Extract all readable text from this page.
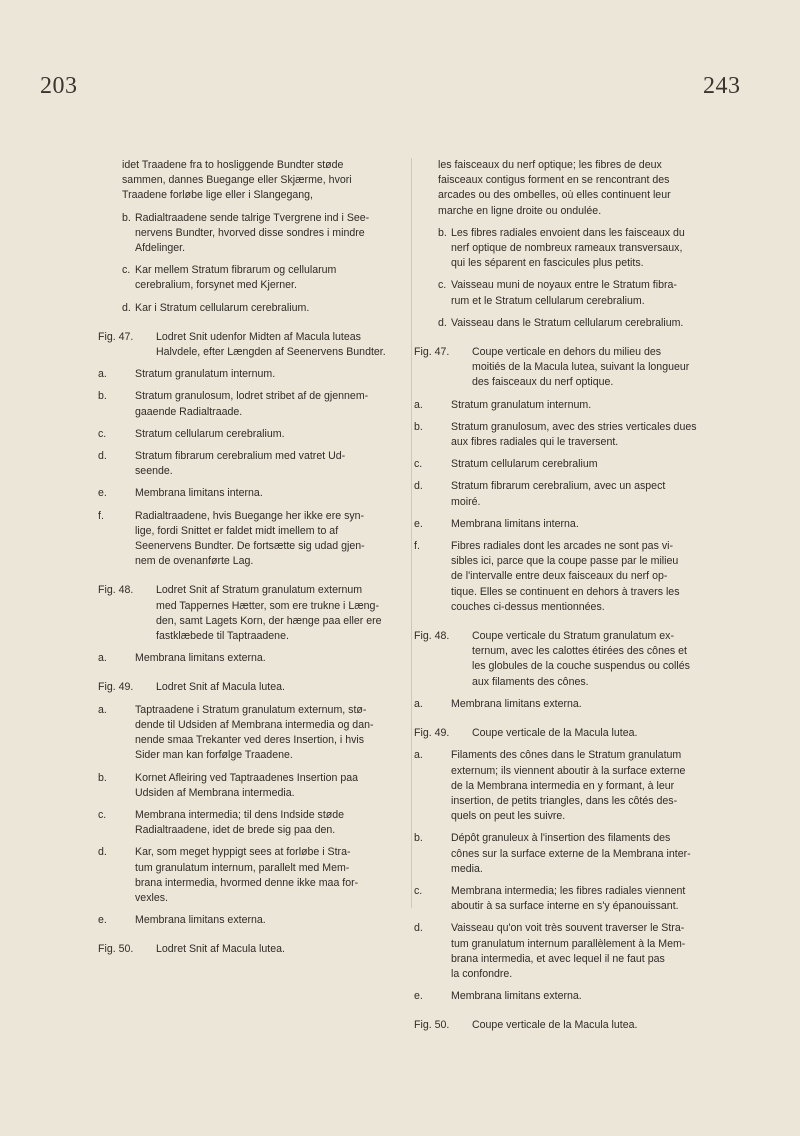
203	243
idet Traadene fra to hosliggende Bundter støde
sammen, dannes Buegange eller Skjærme, hvori
Traadene forløbe lige eller i Slangegang,
b. Radialtraadene sende talrige Tvergrene ind i See-
nervens Bundter, hvorved disse sondres i mindre
Afdelinger.
c. Kar mellem Stratum fibrarum og cellularum
cerebralium, forsynet med Kjerner.
d. Kar i Stratum cellularum cerebralium.
Fig. 47. Lodret Snit udenfor Midten af Macula luteas
Halvdele, efter Længden af Seenervens Bundter.
a.	Stratum granulatum internum.
b.	Stratum granulosum, lodret stribet af de gjennem-
gaaende Radialtraade.
c.	Stratum cellularum cerebralium.
d.	Stratum fibrarum cerebralium med vatret Ud-
seende.
e.	Membrana limitans interna.
f.	Radialtraadene, hvis Buegange her ikke ere syn-
lige, fordi Snittet er faldet midt imellem to af
Seenervens Bundter. De fortsætte sig udad gjen-
nem de ovenanførte Lag.
Fig. 48. Lodret Snit af Stratum granulatum externum
med Tappernes Hætter, som ere trukne i Læng-
den, samt Lagets Korn, der hænge paa eller ere
fastklæbede til Taptraadene.
a.	Membrana limitans externa.
Fig. 49. Lodret Snit af Macula lutea.
a.	Taptraadene i Stratum granulatum externum, stø-
dende til Udsiden af Membrana intermedia og dan-
nende smaa Trekanter ved deres Insertion, i hvis
Sider man kan forfølge Traadene.
b.	Kornet Afleiring ved Taptraadenes Insertion paa
Udsiden af Membrana intermedia.
c.	Membrana intermedia; til dens Indside støde
Radialtraadene, idet de brede sig paa den.
d.	Kar, som meget hyppigt sees at forløbe i Stra-
tum granulatum internum, parallelt med Mem-
brana intermedia, hvormed denne ikke maa for-
vexles.
e.	Membrana limitans externa.
Fig. 50. Lodret Snit af Macula lutea.
les faisceaux du nerf optique; les fibres de deux
faisceaux contigus forment en se rencontrant des
arcades ou des ombelles, où elles continuent leur
marche en ligne droite ou ondulée.
b. Les fibres radiales envoient dans les faisceaux du
nerf optique de nombreux rameaux transversaux,
qui les séparent en fascicules plus petits.
c. Vaisseau muni de noyaux entre le Stratum fibra-
rum et le Stratum cellularum cerebralium.
d. Vaisseau dans le Stratum cellularum cerebralium.
Fig. 47. Coupe verticale en dehors du milieu des
moitiés de la Macula lutea, suivant la longueur
des faisceaux du nerf optique.
a.	Stratum granulatum internum.
b.	Stratum granulosum, avec des stries verticales dues
aux fibres radiales qui le traversent.
c.	Stratum cellularum cerebralium
d.	Stratum fibrarum cerebralium, avec un aspect
moiré.
e.	Membrana limitans interna.
f.	Fibres radiales dont les arcades ne sont pas vi-
sibles ici, parce que la coupe passe par le milieu
de l'intervalle entre deux faisceaux du nerf op-
tique. Elles se continuent en dehors à travers les
couches ci-dessus mentionnées.
Fig. 48. Coupe verticale du Stratum granulatum ex-
ternum, avec les calottes étirées des cônes et
les globules de la couche suspendus ou collés
aux filaments des cônes.
a.	Membrana limitans externa.
Fig. 49. Coupe verticale de la Macula lutea.
a.	Filaments des cônes dans le Stratum granulatum
externum; ils viennent aboutir à la surface externe
de la Membrana intermedia en y formant, à leur
insertion, de petits triangles, dans les côtés des-
quels on peut les suivre.
b.	Dépôt granuleux à l'insertion des filaments des
cônes sur la surface externe de la Membrana inter-
media.
c.	Membrana intermedia; les fibres radiales viennent
aboutir à sa surface interne en s'y épanouissant.
d.	Vaisseau qu'on voit très souvent traverser le Stra-
tum granulatum internum parallèlement à la Mem-
brana intermedia, et avec lequel il ne faut pas
la confondre.
e.	Membrana limitans externa.
Fig. 50. Coupe verticale de la Macula lutea.
